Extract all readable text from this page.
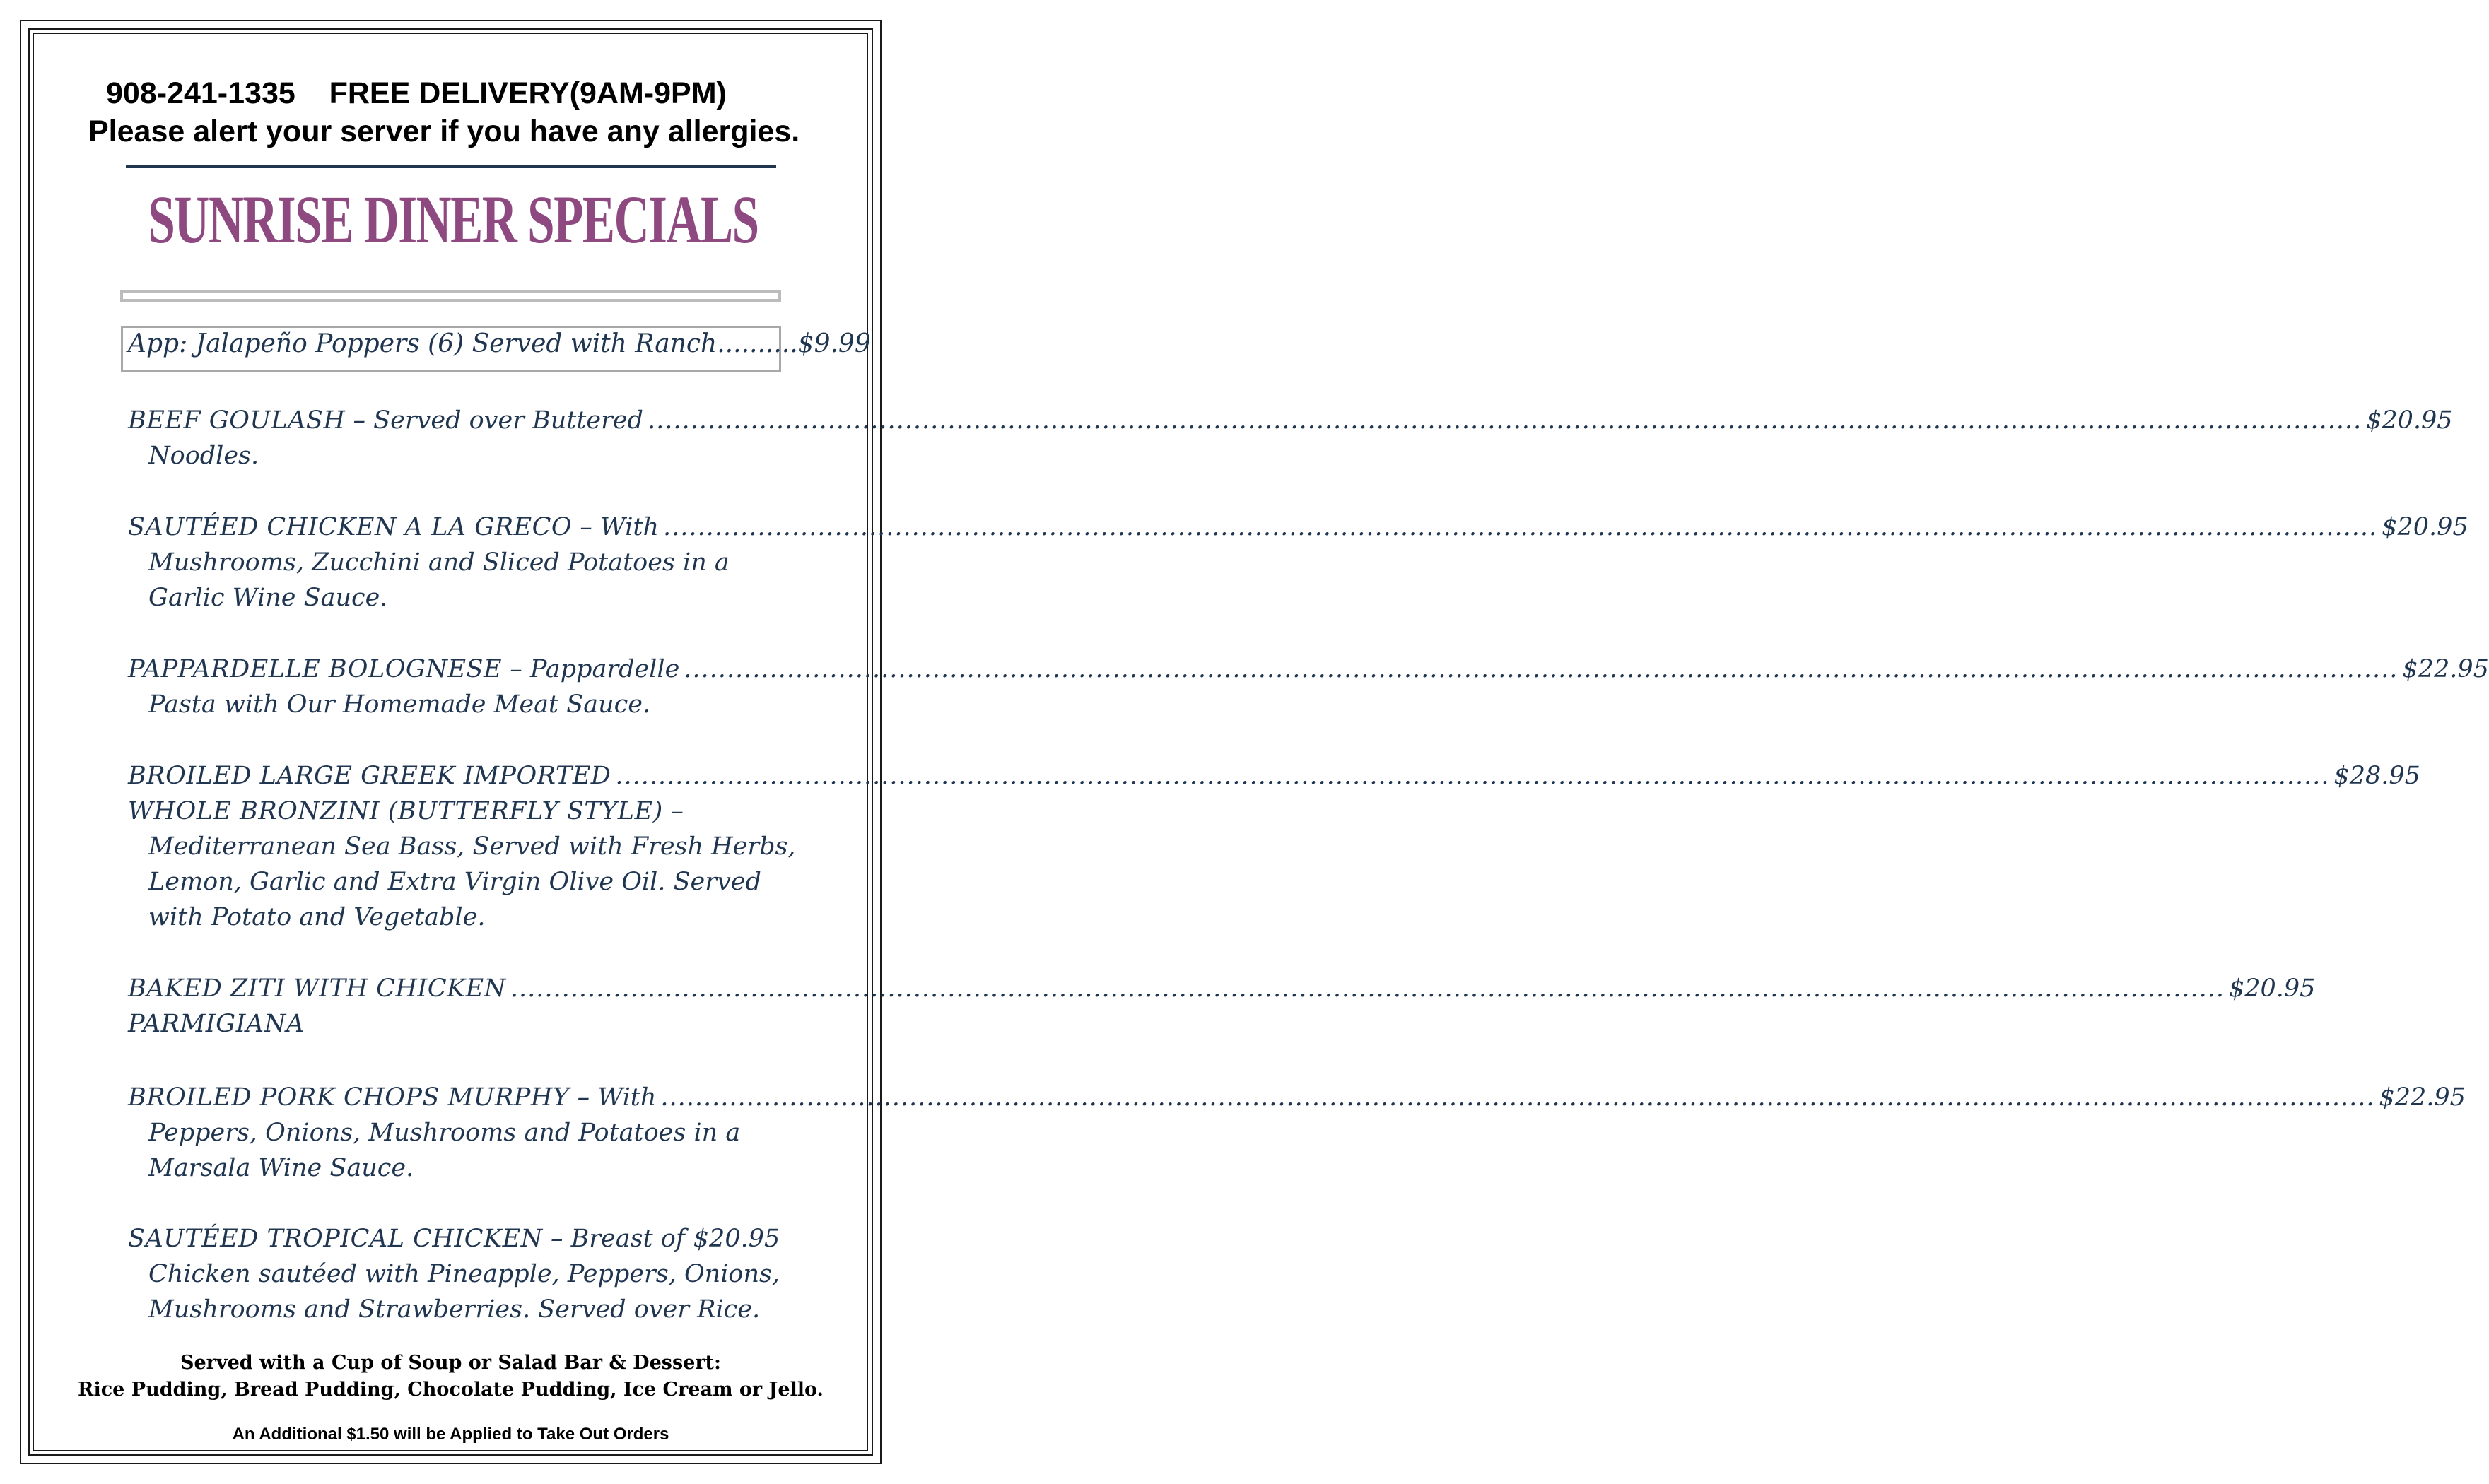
908-241-1335 FREE DELIVERY(9AM-9PM)
Please alert your server if you have any allergies.
SUNRISE DINER SPECIALS
App: Jalapeño Poppers (6) Served with Ranch..........$9.99
BEEF GOULASH – Served over Buttered ........................................................................................................................................................................................................ $20.95
Noodles.
SAUTÉED CHICKEN A LA GRECO – With ........................................................................................................................................................................................................ $20.95
Mushrooms, Zucchini and Sliced Potatoes in a
Garlic Wine Sauce.
PAPPARDELLE BOLOGNESE – Pappardelle ........................................................................................................................................................................................................ $22.95
Pasta with Our Homemade Meat Sauce.
BROILED LARGE GREEK IMPORTED ........................................................................................................................................................................................................ $28.95
WHOLE BRONZINI (BUTTERFLY STYLE) –
Mediterranean Sea Bass, Served with Fresh Herbs,
Lemon, Garlic and Extra Virgin Olive Oil. Served
with Potato and Vegetable.
BAKED ZITI WITH CHICKEN ........................................................................................................................................................................................................ $20.95
PARMIGIANA
BROILED PORK CHOPS MURPHY – With ........................................................................................................................................................................................................ $22.95
Peppers, Onions, Mushrooms and Potatoes in a
Marsala Wine Sauce.
SAUTÉED TROPICAL CHICKEN – Breast of $20.95
Chicken sautéed with Pineapple, Peppers, Onions,
Mushrooms and Strawberries. Served over Rice.
Served with a Cup of Soup or Salad Bar & Dessert:
Rice Pudding, Bread Pudding, Chocolate Pudding, Ice Cream or Jello.
An Additional $1.50 will be Applied to Take Out Orders
